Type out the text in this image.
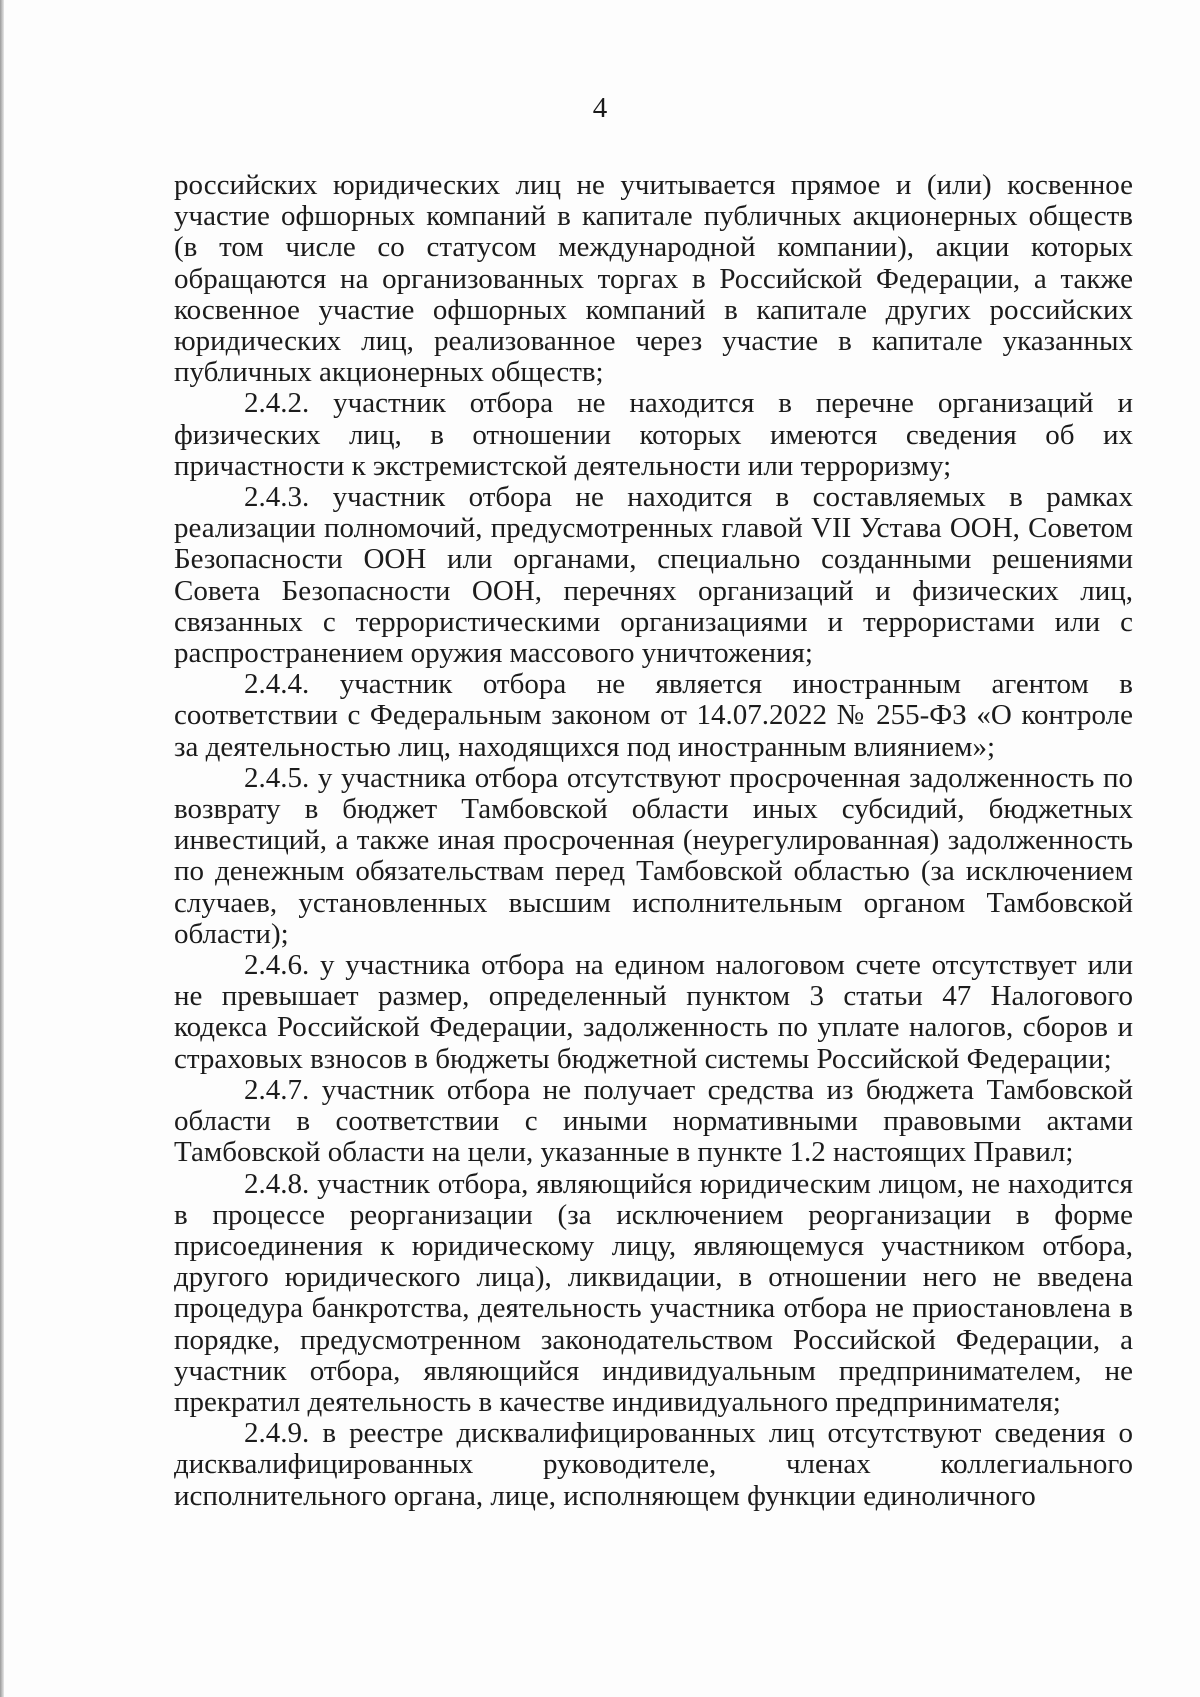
4

российских юридических лиц не учитывается прямое и (или) косвенное участие офшорных компаний в капитале публичных акционерных обществ (в том числе со статусом международной компании), акции которых обращаются на организованных торгах в Российской Федерации, а также косвенное участие офшорных компаний в капитале других российских юридических лиц, реализованное через участие в капитале указанных публичных акционерных обществ;

2.4.2. участник отбора не находится в перечне организаций и физических лиц, в отношении которых имеются сведения об их причастности к экстремистской деятельности или терроризму;

2.4.3. участник отбора не находится в составляемых в рамках реализации полномочий, предусмотренных главой VII Устава ООН, Советом Безопасности ООН или органами, специально созданными решениями Совета Безопасности ООН, перечнях организаций и физических лиц, связанных с террористическими организациями и террористами или с распространением оружия массового уничтожения;

2.4.4. участник отбора не является иностранным агентом в соответствии с Федеральным законом от 14.07.2022 № 255-ФЗ «О контроле за деятельностью лиц, находящихся под иностранным влиянием»;

2.4.5. у участника отбора отсутствуют просроченная задолженность по возврату в бюджет Тамбовской области иных субсидий, бюджетных инвестиций, а также иная просроченная (неурегулированная) задолженность по денежным обязательствам перед Тамбовской областью (за исключением случаев, установленных высшим исполнительным органом Тамбовской области);

2.4.6. у участника отбора на едином налоговом счете отсутствует или не превышает размер, определенный пунктом 3 статьи 47 Налогового кодекса Российской Федерации, задолженность по уплате налогов, сборов и страховых взносов в бюджеты бюджетной системы Российской Федерации;

2.4.7. участник отбора не получает средства из бюджета Тамбовской области в соответствии с иными нормативными правовыми актами Тамбовской области на цели, указанные в пункте 1.2 настоящих Правил;

2.4.8. участник отбора, являющийся юридическим лицом, не находится в процессе реорганизации (за исключением реорганизации в форме присоединения к юридическому лицу, являющемуся участником отбора, другого юридического лица), ликвидации, в отношении него не введена процедура банкротства, деятельность участника отбора не приостановлена в порядке, предусмотренном законодательством Российской Федерации, а участник отбора, являющийся индивидуальным предпринимателем, не прекратил деятельность в качестве индивидуального предпринимателя;

2.4.9. в реестре дисквалифицированных лиц отсутствуют сведения о дисквалифицированных руководителе, членах коллегиального исполнительного органа, лице, исполняющем функции единоличного
